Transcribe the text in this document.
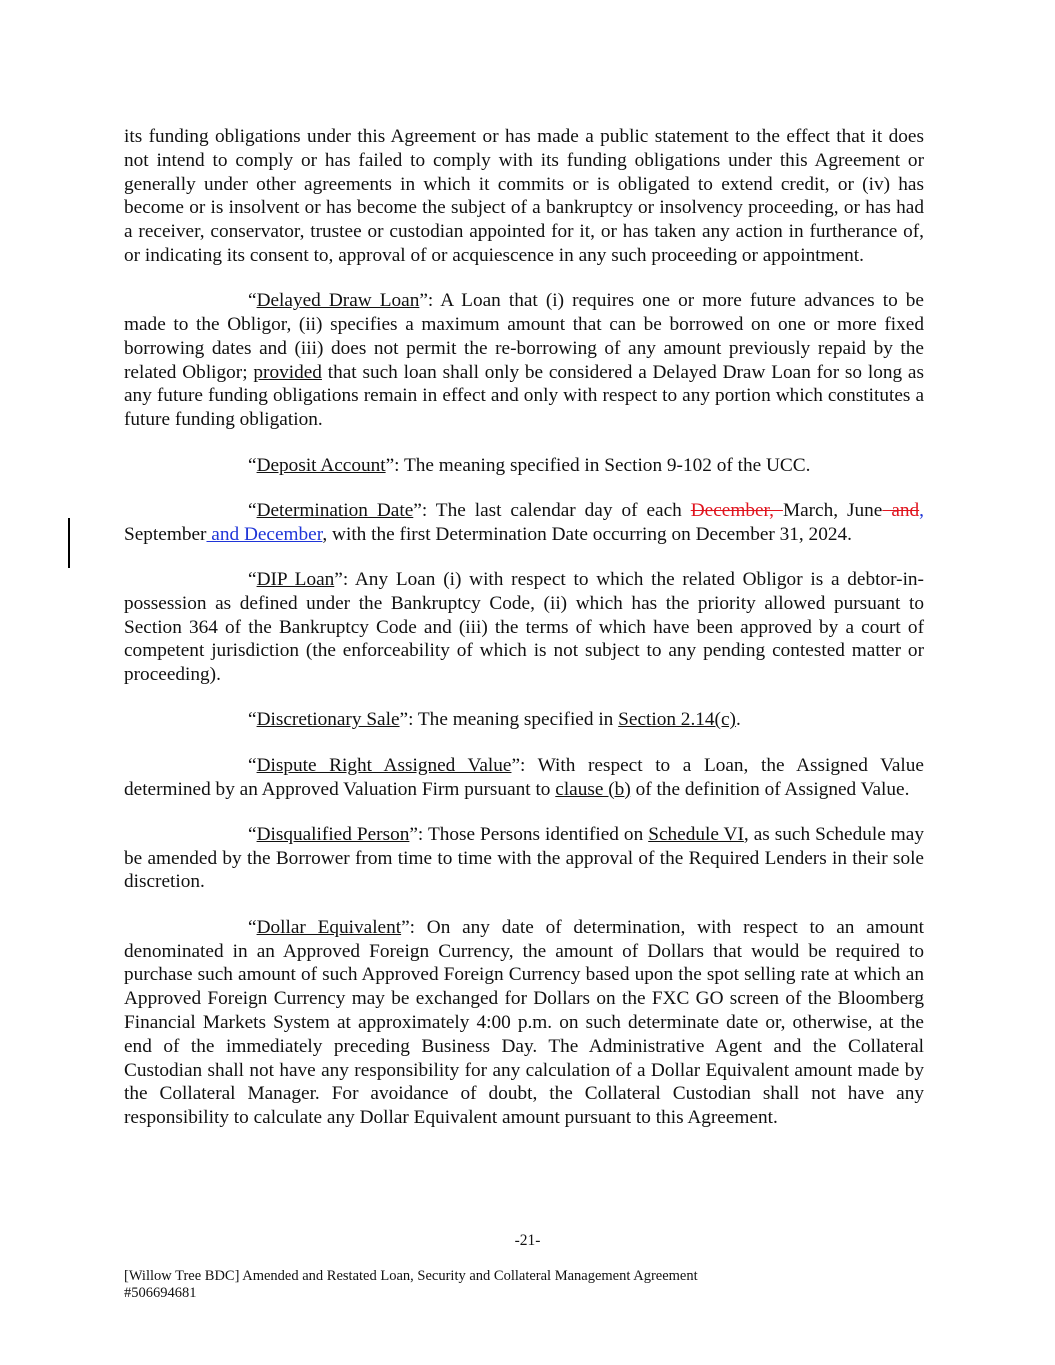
its funding obligations under this Agreement or has made a public statement to the effect that it does not intend to comply or has failed to comply with its funding obligations under this Agreement or generally under other agreements in which it commits or is obligated to extend credit, or (iv) has become or is insolvent or has become the subject of a bankruptcy or insolvency proceeding, or has had a receiver, conservator, trustee or custodian appointed for it, or has taken any action in furtherance of, or indicating its consent to, approval of or acquiescence in any such proceeding or appointment.

“Delayed Draw Loan”: A Loan that (i) requires one or more future advances to be made to the Obligor, (ii) specifies a maximum amount that can be borrowed on one or more fixed borrowing dates and (iii) does not permit the re-borrowing of any amount previously repaid by the related Obligor; provided that such loan shall only be considered a Delayed Draw Loan for so long as any future funding obligations remain in effect and only with respect to any portion which constitutes a future funding obligation.

“Deposit Account”: The meaning specified in Section 9-102 of the UCC.

“Determination Date”: The last calendar day of each December, March, June and, September and December, with the first Determination Date occurring on December 31, 2024.

“DIP Loan”: Any Loan (i) with respect to which the related Obligor is a debtor-in-possession as defined under the Bankruptcy Code, (ii) which has the priority allowed pursuant to Section 364 of the Bankruptcy Code and (iii) the terms of which have been approved by a court of competent jurisdiction (the enforceability of which is not subject to any pending contested matter or proceeding).

“Discretionary Sale”: The meaning specified in Section 2.14(c).

“Dispute Right Assigned Value”: With respect to a Loan, the Assigned Value determined by an Approved Valuation Firm pursuant to clause (b) of the definition of Assigned Value.

“Disqualified Person”: Those Persons identified on Schedule VI, as such Schedule may be amended by the Borrower from time to time with the approval of the Required Lenders in their sole discretion.

“Dollar Equivalent”: On any date of determination, with respect to an amount denominated in an Approved Foreign Currency, the amount of Dollars that would be required to purchase such amount of such Approved Foreign Currency based upon the spot selling rate at which an Approved Foreign Currency may be exchanged for Dollars on the FXC GO screen of the Bloomberg Financial Markets System at approximately 4:00 p.m. on such determinate date or, otherwise, at the end of the immediately preceding Business Day. The Administrative Agent and the Collateral Custodian shall not have any responsibility for any calculation of a Dollar Equivalent amount made by the Collateral Manager. For avoidance of doubt, the Collateral Custodian shall not have any responsibility to calculate any Dollar Equivalent amount pursuant to this Agreement.

-21-
[Willow Tree BDC] Amended and Restated Loan, Security and Collateral Management Agreement
#506694681
